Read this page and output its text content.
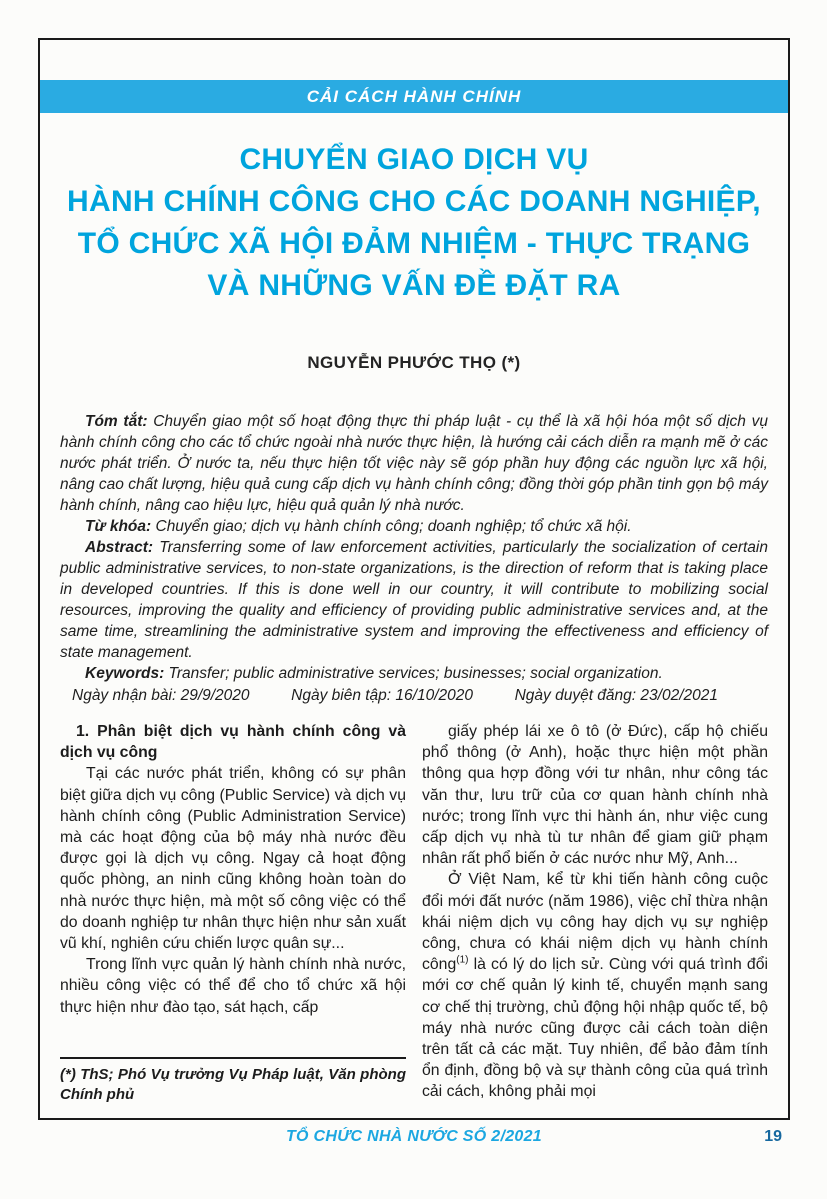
CẢI CÁCH HÀNH CHÍNH
CHUYỂN GIAO DỊCH VỤ
HÀNH CHÍNH CÔNG CHO CÁC DOANH NGHIỆP,
TỔ CHỨC XÃ HỘI ĐẢM NHIỆM - THỰC TRẠNG
VÀ NHỮNG VẤN ĐỀ ĐẶT RA
NGUYỄN PHƯỚC THỌ (*)

Tóm tắt: Chuyển giao một số hoạt động thực thi pháp luật - cụ thể là xã hội hóa một số dịch vụ hành chính công cho các tổ chức ngoài nhà nước thực hiện, là hướng cải cách diễn ra mạnh mẽ ở các nước phát triển. Ở nước ta, nếu thực hiện tốt việc này sẽ góp phần huy động các nguồn lực xã hội, nâng cao chất lượng, hiệu quả cung cấp dịch vụ hành chính công; đồng thời góp phần tinh gọn bộ máy hành chính, nâng cao hiệu lực, hiệu quả quản lý nhà nước.

Từ khóa: Chuyển giao; dịch vụ hành chính công; doanh nghiệp; tổ chức xã hội.

Abstract: Transferring some of law enforcement activities, particularly the socialization of certain public administrative services, to non-state organizations, is the direction of reform that is taking place in developed countries. If this is done well in our country, it will contribute to mobilizing social resources, improving the quality and efficiency of providing public administrative services and, at the same time, streamlining the administrative system and improving the effectiveness and efficiency of state management.

Keywords: Transfer; public administrative services; businesses; social organization.

Ngày nhận bài: 29/9/2020	Ngày biên tập: 16/10/2020	Ngày duyệt đăng: 23/02/2021

1. Phân biệt dịch vụ hành chính công và dịch vụ công

Tại các nước phát triển, không có sự phân biệt giữa dịch vụ công (Public Service) và dịch vụ hành chính công (Public Administration Service) mà các hoạt động của bộ máy nhà nước đều được gọi là dịch vụ công. Ngay cả hoạt động quốc phòng, an ninh cũng không hoàn toàn do nhà nước thực hiện, mà một số công việc có thể do doanh nghiệp tư nhân thực hiện như sản xuất vũ khí, nghiên cứu chiến lược quân sự...

Trong lĩnh vực quản lý hành chính nhà nước, nhiều công việc có thể để cho tổ chức xã hội thực hiện như đào tạo, sát hạch, cấp

(*) ThS; Phó Vụ trưởng Vụ Pháp luật, Văn phòng Chính phủ

giấy phép lái xe ô tô (ở Đức), cấp hộ chiếu phổ thông (ở Anh), hoặc thực hiện một phần thông qua hợp đồng với tư nhân, như công tác văn thư, lưu trữ của cơ quan hành chính nhà nước; trong lĩnh vực thi hành án, như việc cung cấp dịch vụ nhà tù tư nhân để giam giữ phạm nhân rất phổ biến ở các nước như Mỹ, Anh...

Ở Việt Nam, kể từ khi tiến hành công cuộc đổi mới đất nước (năm 1986), việc chỉ thừa nhận khái niệm dịch vụ công hay dịch vụ sự nghiệp công, chưa có khái niệm dịch vụ hành chính công$^{(1)}$ là có lý do lịch sử. Cùng với quá trình đổi mới cơ chế quản lý kinh tế, chuyển mạnh sang cơ chế thị trường, chủ động hội nhập quốc tế, bộ máy nhà nước cũng được cải cách toàn diện trên tất cả các mặt. Tuy nhiên, để bảo đảm tính ổn định, đồng bộ và sự thành công của quá trình cải cách, không phải mọi

TỔ CHỨC NHÀ NƯỚC SỐ 2/2021	19
